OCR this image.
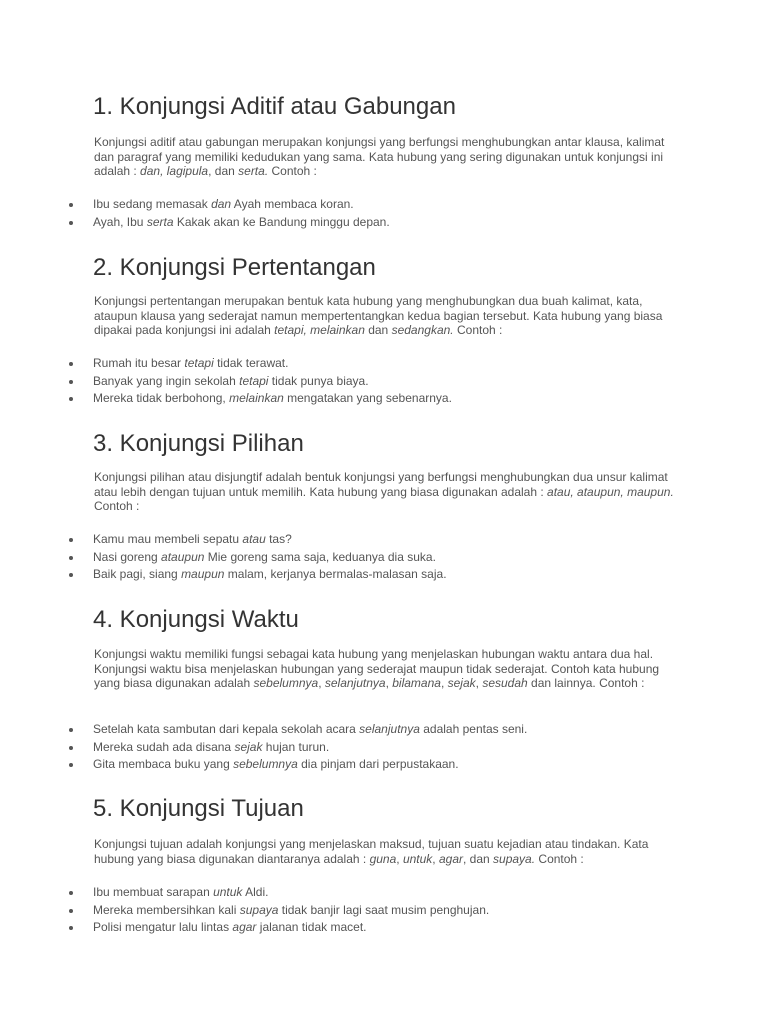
1. Konjungsi Aditif atau Gabungan

Konjungsi aditif atau gabungan merupakan konjungsi yang berfungsi menghubungkan antar klausa, kalimat dan paragraf yang memiliki kedudukan yang sama. Kata hubung yang sering digunakan untuk konjungsi ini adalah : dan, lagipula, dan serta. Contoh :

Ibu sedang memasak dan Ayah membaca koran.
Ayah, Ibu serta Kakak akan ke Bandung minggu depan.
2. Konjungsi Pertentangan

Konjungsi pertentangan merupakan bentuk kata hubung yang menghubungkan dua buah kalimat, kata, ataupun klausa yang sederajat namun mempertentangkan kedua bagian tersebut. Kata hubung yang biasa dipakai pada konjungsi ini adalah tetapi, melainkan dan sedangkan. Contoh :

Rumah itu besar tetapi tidak terawat.
Banyak yang ingin sekolah tetapi tidak punya biaya.
Mereka tidak berbohong, melainkan mengatakan yang sebenarnya.
3. Konjungsi Pilihan

Konjungsi pilihan atau disjungtif adalah bentuk konjungsi yang berfungsi menghubungkan dua unsur kalimat atau lebih dengan tujuan untuk memilih. Kata hubung yang biasa digunakan adalah : atau, ataupun, maupun. Contoh :

Kamu mau membeli sepatu atau tas?
Nasi goreng ataupun Mie goreng sama saja, keduanya dia suka.
Baik pagi, siang maupun malam, kerjanya bermalas-malasan saja.
4. Konjungsi Waktu

Konjungsi waktu memiliki fungsi sebagai kata hubung yang menjelaskan hubungan waktu antara dua hal. Konjungsi waktu bisa menjelaskan hubungan yang sederajat maupun tidak sederajat. Contoh kata hubung yang biasa digunakan adalah sebelumnya, selanjutnya, bilamana, sejak, sesudah dan lainnya. Contoh :

Setelah kata sambutan dari kepala sekolah acara selanjutnya adalah pentas seni.
Mereka sudah ada disana sejak hujan turun.
Gita membaca buku yang sebelumnya dia pinjam dari perpustakaan.
5. Konjungsi Tujuan

Konjungsi tujuan adalah konjungsi yang menjelaskan maksud, tujuan suatu kejadian atau tindakan. Kata hubung yang biasa digunakan diantaranya adalah : guna, untuk, agar, dan supaya. Contoh :

Ibu membuat sarapan untuk Aldi.
Mereka membersihkan kali supaya tidak banjir lagi saat musim penghujan.
Polisi mengatur lalu lintas agar jalanan tidak macet.
